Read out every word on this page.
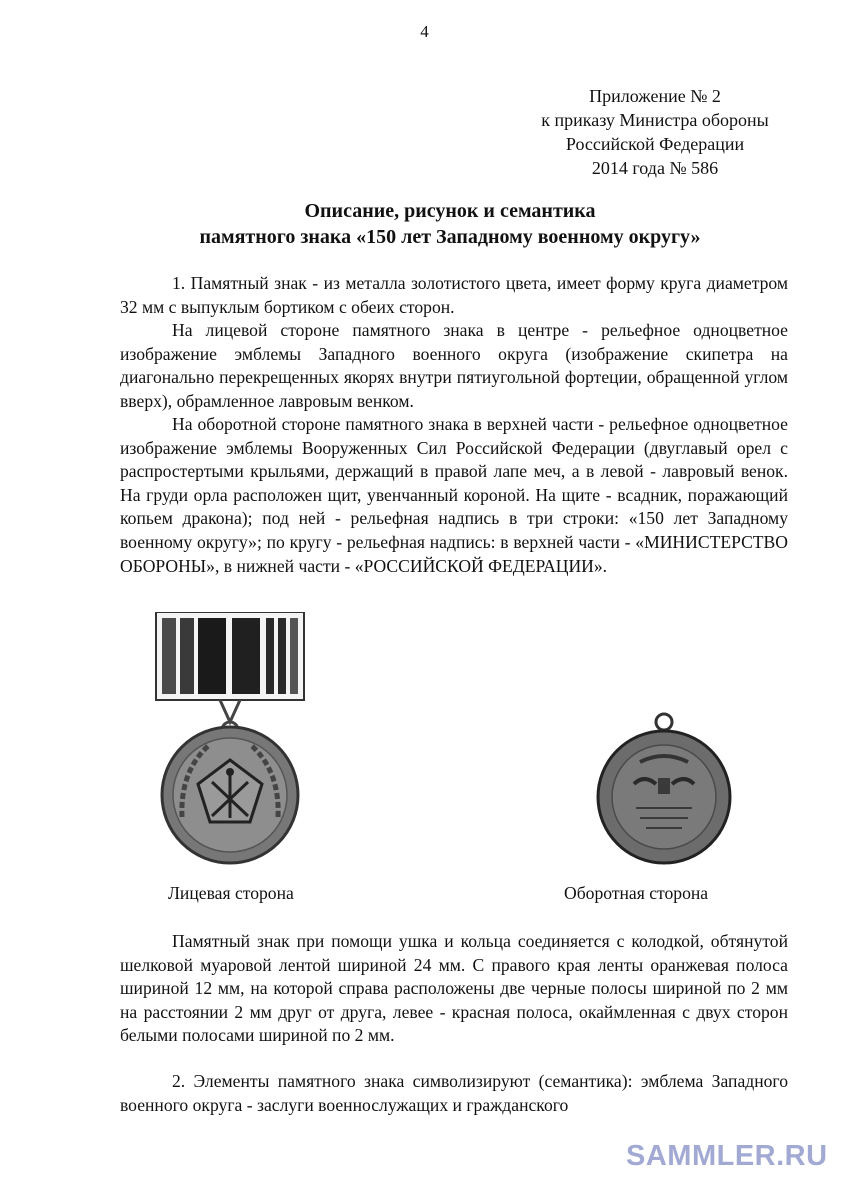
4
Приложение № 2
к приказу Министра обороны
Российской Федерации
2014 года № 586
Описание, рисунок и семантика
памятного знака «150 лет Западному военному округу»

1. Памятный знак - из металла золотистого цвета, имеет форму круга диаметром 32 мм с выпуклым бортиком с обеих сторон.

На лицевой стороне памятного знака в центре - рельефное одноцветное изображение эмблемы Западного военного округа (изображение скипетра на диагонально перекрещенных якорях внутри пятиугольной фортеции, обращенной углом вверх), обрамленное лавровым венком.

На оборотной стороне памятного знака в верхней части - рельефное одноцветное изображение эмблемы Вооруженных Сил Российской Федерации (двуглавый орел с распростертыми крыльями, держащий в правой лапе меч, а в левой - лавровый венок. На груди орла расположен щит, увенчанный короной. На щите - всадник, поражающий копьем дракона); под ней - рельефная надпись в три строки: «150 лет Западному военному округу»; по кругу - рельефная надпись: в верхней части - «МИНИСТЕРСТВО ОБОРОНЫ», в нижней части - «РОССИЙСКОЙ ФЕДЕРАЦИИ».

Лицевая сторона	Оборотная сторона

Памятный знак при помощи ушка и кольца соединяется с колодкой, обтянутой шелковой муаровой лентой шириной 24 мм. С правого края ленты оранжевая полоса шириной 12 мм, на которой справа расположены две черные полосы шириной по 2 мм на расстоянии 2 мм друг от друга, левее - красная полоса, окаймленная с двух сторон белыми полосами шириной по 2 мм.

2. Элементы памятного знака символизируют (семантика): эмблема Западного военного округа - заслуги военнослужащих и гражданского

SAMMLER.RU
